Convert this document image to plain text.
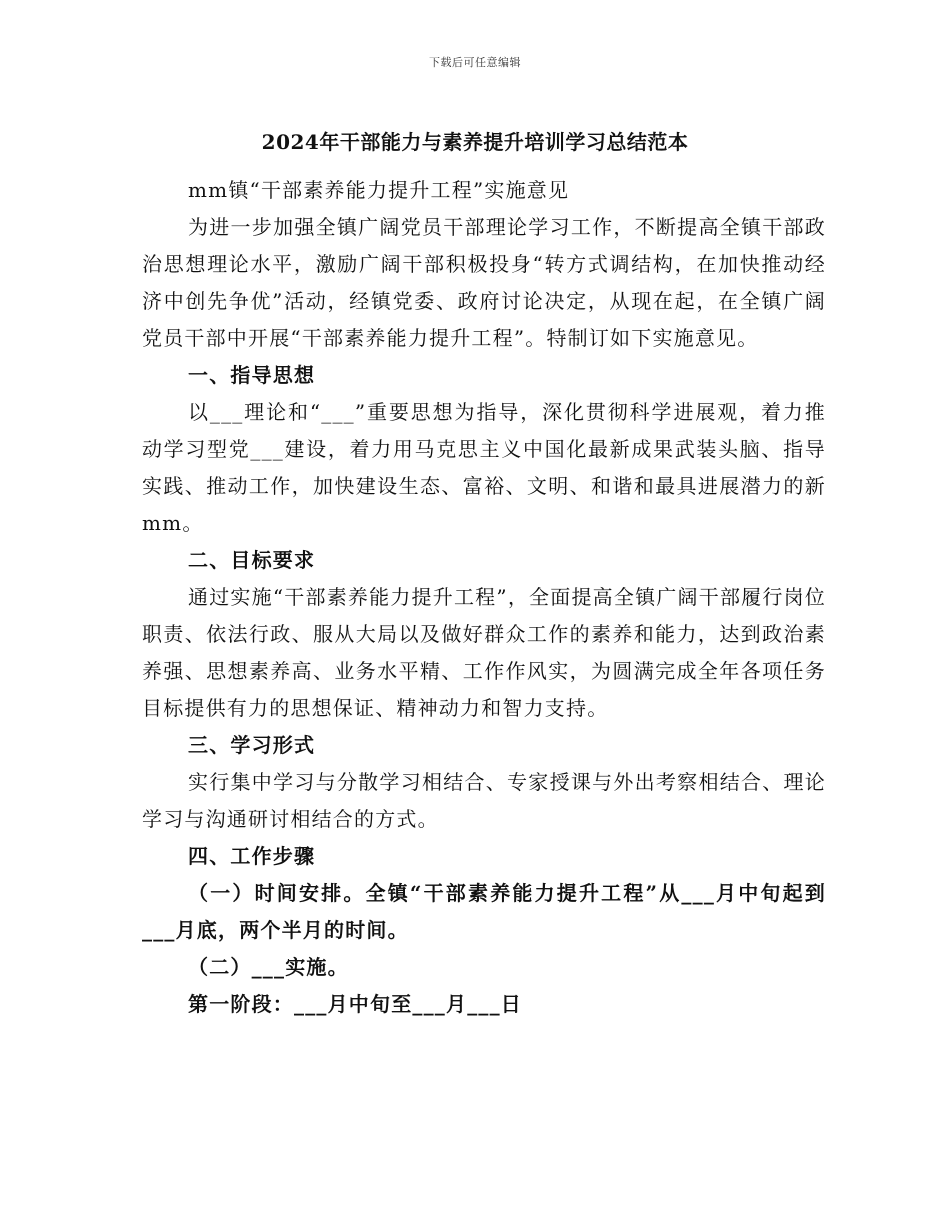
下载后可任意编辑
2024年干部能力与素养提升培训学习总结范本

mm镇“干部素养能力提升工程”实施意见

为进一步加强全镇广阔党员干部理论学习工作，不断提高全镇干部政治思想理论水平，激励广阔干部积极投身“转方式调结构，在加快推动经济中创先争优”活动，经镇党委、政府讨论决定，从现在起，在全镇广阔党员干部中开展“干部素养能力提升工程”。特制订如下实施意见。

一、指导思想

以___理论和“___”重要思想为指导，深化贯彻科学进展观，着力推动学习型党___建设，着力用马克思主义中国化最新成果武装头脑、指导实践、推动工作，加快建设生态、富裕、文明、和谐和最具进展潜力的新mm。

二、目标要求

通过实施“干部素养能力提升工程”，全面提高全镇广阔干部履行岗位职责、依法行政、服从大局以及做好群众工作的素养和能力，达到政治素养强、思想素养高、业务水平精、工作作风实，为圆满完成全年各项任务目标提供有力的思想保证、精神动力和智力支持。

三、学习形式

实行集中学习与分散学习相结合、专家授课与外出考察相结合、理论学习与沟通研讨相结合的方式。

四、工作步骤

（一）时间安排。全镇“干部素养能力提升工程”从___月中旬起到___月底，两个半月的时间。

（二）___实施。

第一阶段：___月中旬至___月___日
